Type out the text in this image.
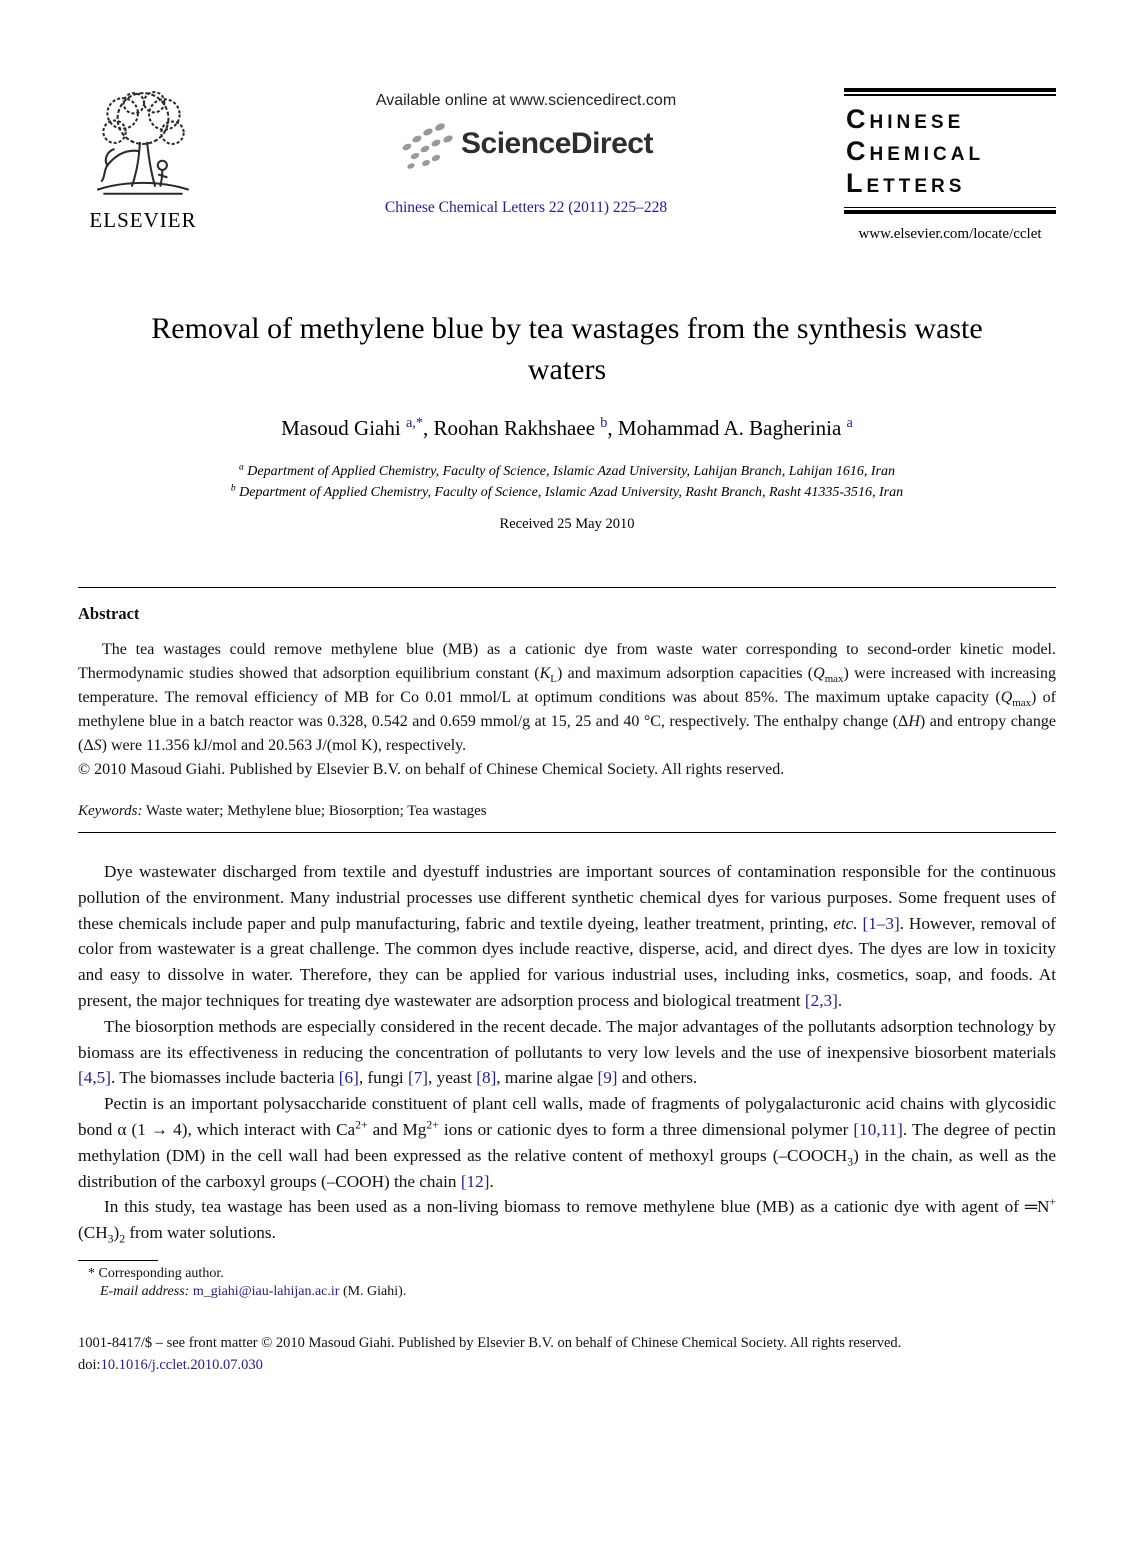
ELSEVIER
Available online at www.sciencedirect.com
ScienceDirect
Chinese Chemical Letters 22 (2011) 225–228
Chinese
Chemical
Letters
www.elsevier.com/locate/cclet
Removal of methylene blue by tea wastages from the synthesis waste waters
Masoud Giahi $^{a,*}$, Roohan Rakhshaee $^b$, Mohammad A. Bagherinia $^a$
$^a$ Department of Applied Chemistry, Faculty of Science, Islamic Azad University, Lahijan Branch, Lahijan 1616, Iran
$^b$ Department of Applied Chemistry, Faculty of Science, Islamic Azad University, Rasht Branch, Rasht 41335-3516, Iran
Received 25 May 2010
Abstract
The tea wastages could remove methylene blue (MB) as a cationic dye from waste water corresponding to second-order kinetic model. Thermodynamic studies showed that adsorption equilibrium constant $(K_L)$ and maximum adsorption capacities $(Q_{max})$ were increased with increasing temperature. The removal efficiency of MB for Co 0.01 mmol/L at optimum conditions was about 85%. The maximum uptake capacity $(Q_{max})$ of methylene blue in a batch reactor was 0.328, 0.542 and 0.659 mmol/g at 15, 25 and 40 °C, respectively. The enthalpy change (ΔH) and entropy change (ΔS) were 11.356 kJ/mol and 20.563 J/(mol K), respectively.
© 2010 Masoud Giahi. Published by Elsevier B.V. on behalf of Chinese Chemical Society. All rights reserved.
Keywords: Waste water; Methylene blue; Biosorption; Tea wastages

Dye wastewater discharged from textile and dyestuff industries are important sources of contamination responsible for the continuous pollution of the environment. Many industrial processes use different synthetic chemical dyes for various purposes. Some frequent uses of these chemicals include paper and pulp manufacturing, fabric and textile dyeing, leather treatment, printing, etc. [1–3]. However, removal of color from wastewater is a great challenge. The common dyes include reactive, disperse, acid, and direct dyes. The dyes are low in toxicity and easy to dissolve in water. Therefore, they can be applied for various industrial uses, including inks, cosmetics, soap, and foods. At present, the major techniques for treating dye wastewater are adsorption process and biological treatment [2,3].

The biosorption methods are especially considered in the recent decade. The major advantages of the pollutants adsorption technology by biomass are its effectiveness in reducing the concentration of pollutants to very low levels and the use of inexpensive biosorbent materials [4,5]. The biomasses include bacteria [6], fungi [7], yeast [8], marine algae [9] and others.

Pectin is an important polysaccharide constituent of plant cell walls, made of fragments of polygalacturonic acid chains with glycosidic bond α (1 → 4), which interact with $Ca^{2+}$ and $Mg^{2+}$ ions or cationic dyes to form a three dimensional polymer [10,11]. The degree of pectin methylation (DM) in the cell wall had been expressed as the relative content of methoxyl groups $(-COOCH_3)$ in the chain, as well as the distribution of the carboxyl groups (–COOH) the chain [12].

In this study, tea wastage has been used as a non-living biomass to remove methylene blue (MB) as a cationic dye with agent of $═N^+(CH_3)_2$ from water solutions.

* Corresponding author.
E-mail address: m_giahi@iau-lahijan.ac.ir (M. Giahi).
1001-8417/$ – see front matter © 2010 Masoud Giahi. Published by Elsevier B.V. on behalf of Chinese Chemical Society. All rights reserved.
doi:10.1016/j.cclet.2010.07.030
